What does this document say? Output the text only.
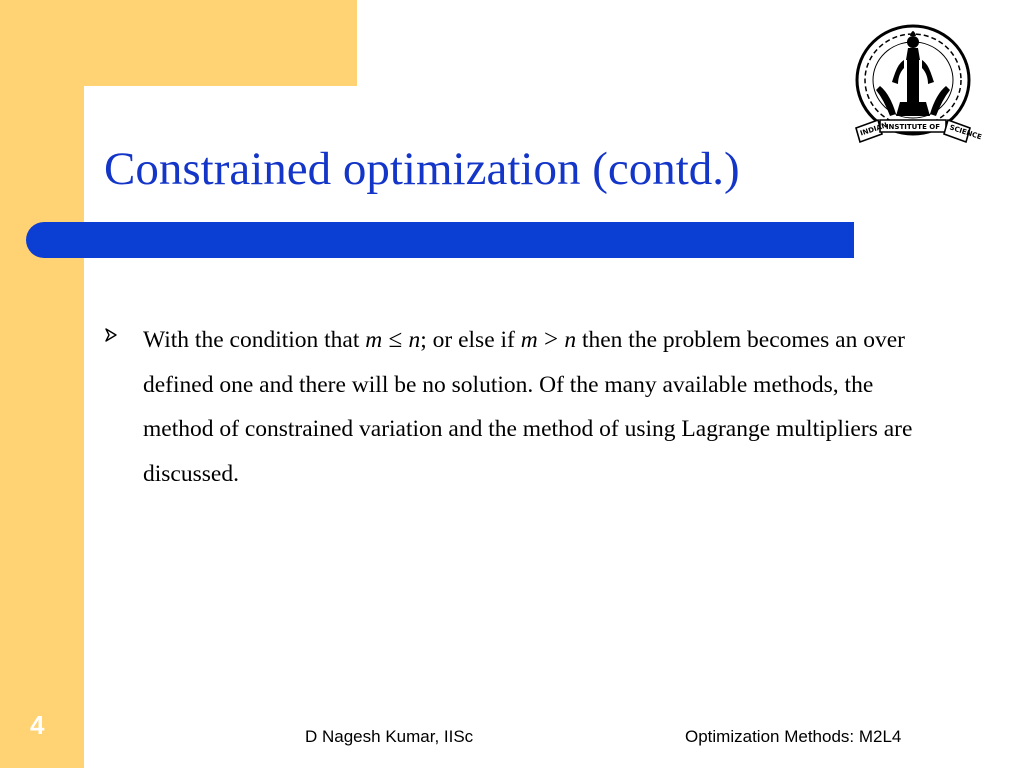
Constrained optimization (contd.)
INDIAN
INSTITUTE OF SCIENCE

With the condition that m ≤ n; or else if m > n then the problem becomes an over defined one and there will be no solution. Of the many available methods, the method of constrained variation and the method of using Lagrange multipliers are discussed.

4	D Nagesh Kumar, IISc	Optimization Methods: M2L4
